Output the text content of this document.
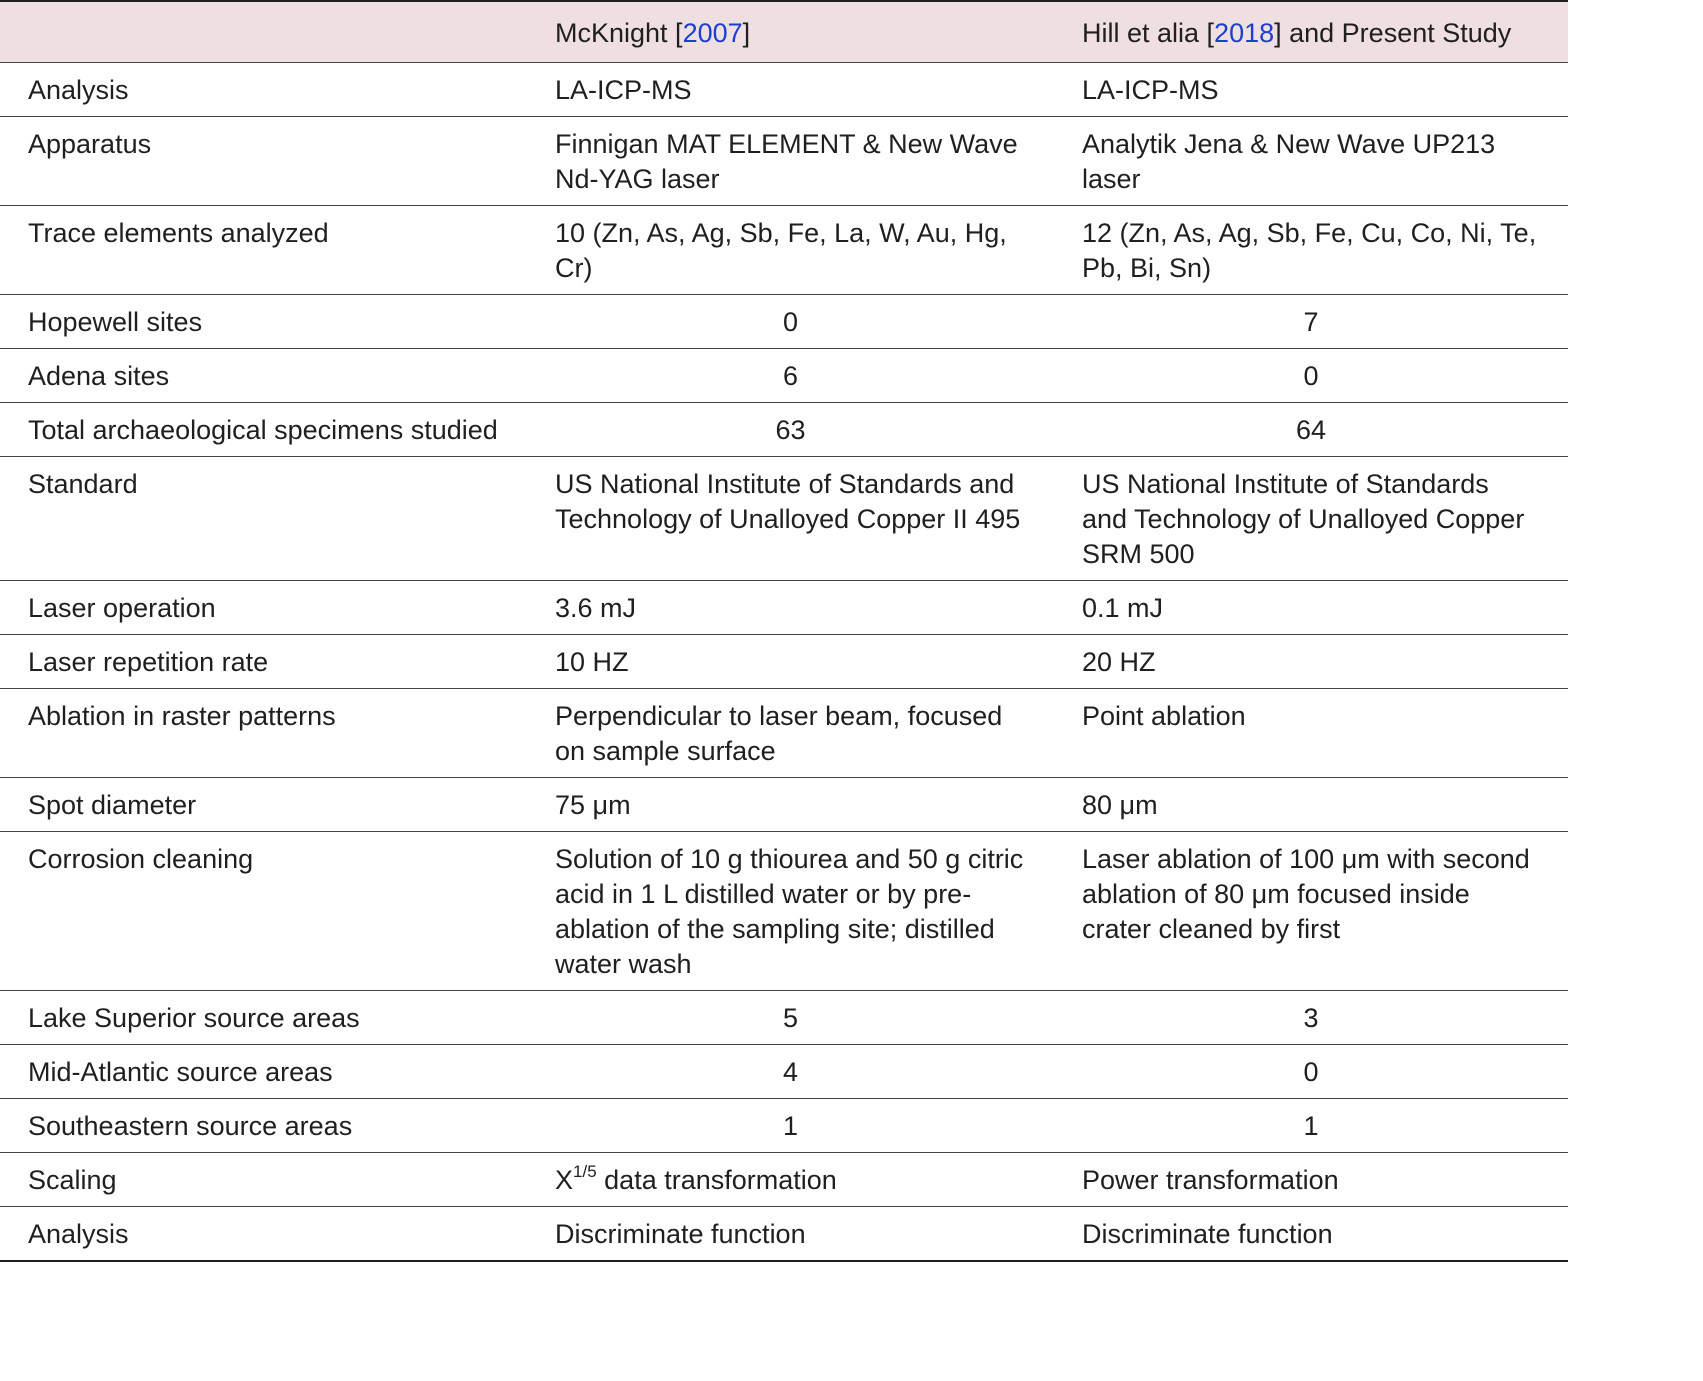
	McKnight [2007]	Hill et alia [2018] and Present Study
Analysis	LA-ICP-MS	LA-ICP-MS
Apparatus	Finnigan MAT ELEMENT & New Wave Nd-YAG laser	Analytik Jena & New Wave UP213 laser
Trace elements analyzed	10 (Zn, As, Ag, Sb, Fe, La, W, Au, Hg, Cr)	12 (Zn, As, Ag, Sb, Fe, Cu, Co, Ni, Te, Pb, Bi, Sn)
Hopewell sites	0	7
Adena sites	6	0
Total archaeological specimens studied	63	64
Standard	US National Institute of Standards and Technology of Unalloyed Copper II 495	US National Institute of Standards and Technology of Unalloyed Copper SRM 500
Laser operation	3.6 mJ	0.1 mJ
Laser repetition rate	10 HZ	20 HZ
Ablation in raster patterns	Perpendicular to laser beam, focused on sample surface	Point ablation
Spot diameter	75 μm	80 μm
Corrosion cleaning	Solution of 10 g thiourea and 50 g citric acid in 1 L distilled water or by pre-ablation of the sampling site; distilled water wash	Laser ablation of 100 μm with second ablation of 80 μm focused inside crater cleaned by first
Lake Superior source areas	5	3
Mid-Atlantic source areas	4	0
Southeastern source areas	1	1
Scaling	$X^{1/5}$ data transformation	Power transformation
Analysis	Discriminate function	Discriminate function
